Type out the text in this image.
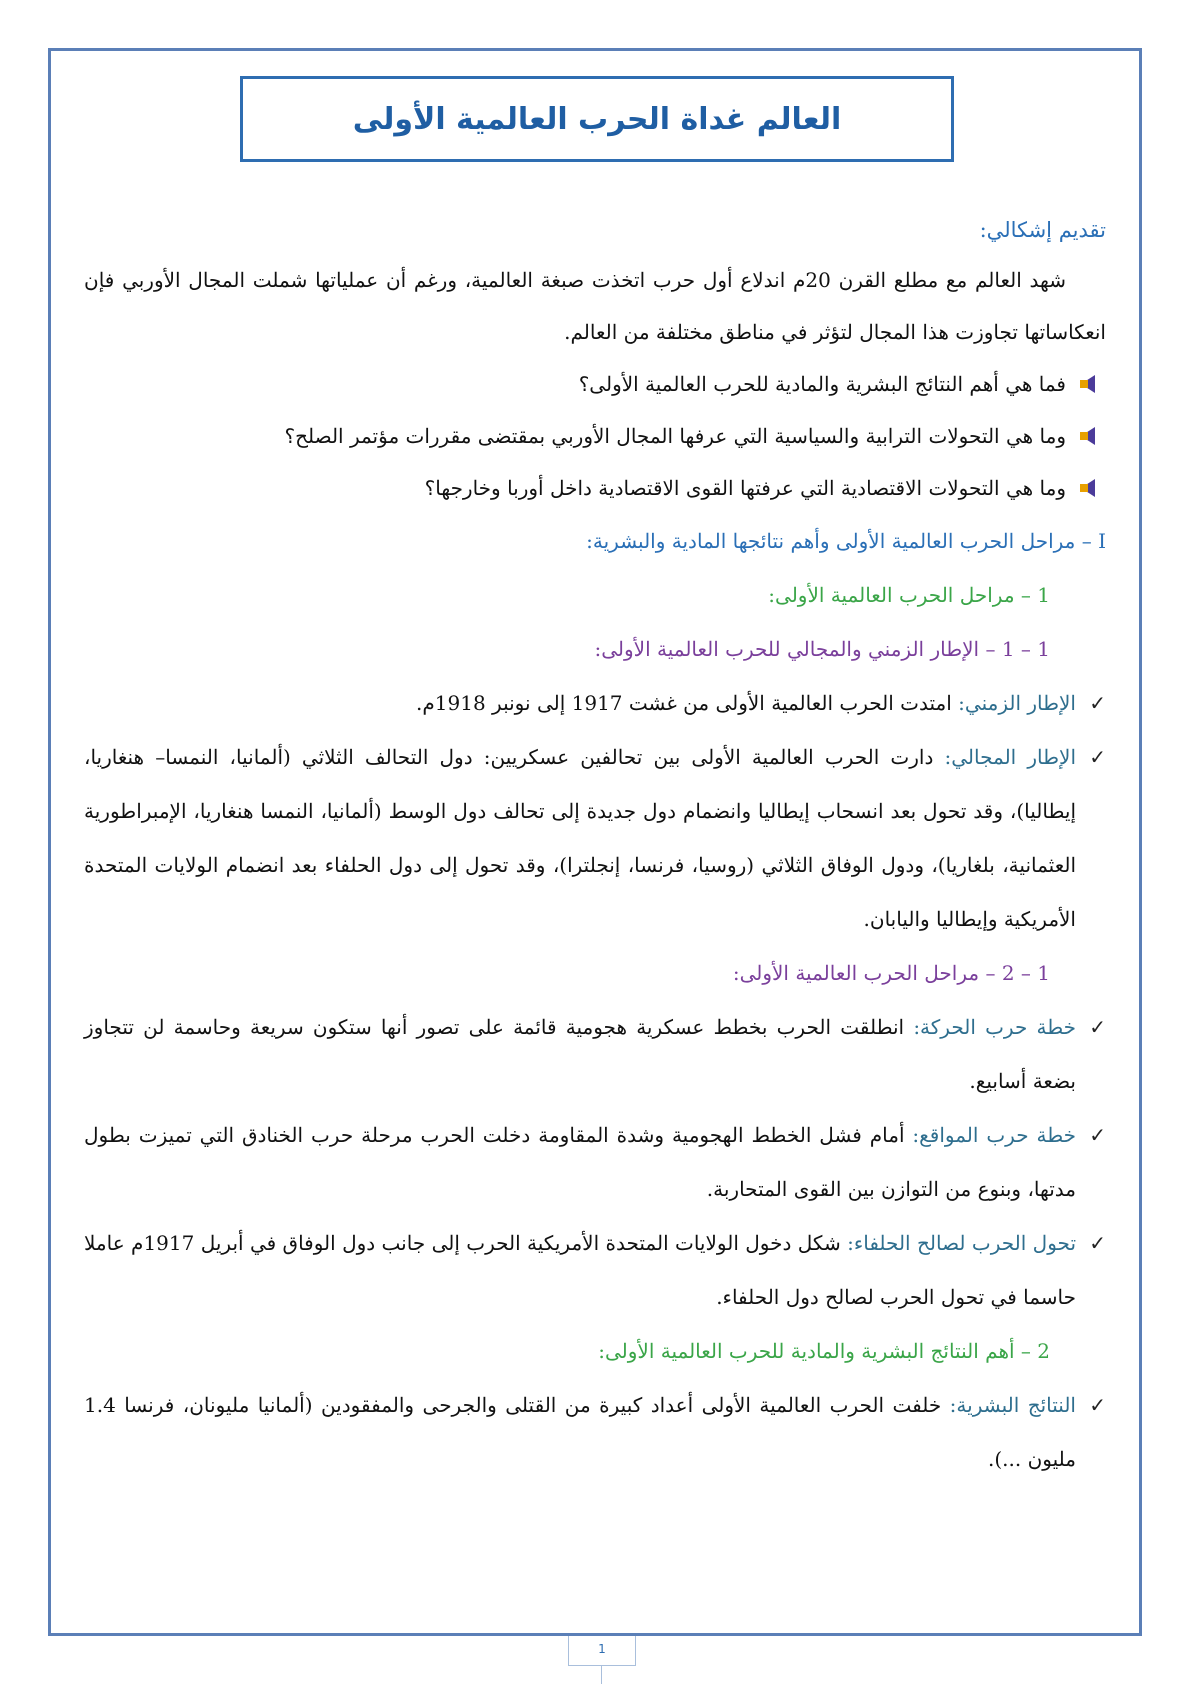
العالم غداة الحرب العالمية الأولى

تقديم إشكالي:

شهد العالم مع مطلع القرن 20م اندلاع أول حرب اتخذت صبغة العالمية، ورغم أن عملياتها شملت المجال الأوربي فإن انعكاساتها تجاوزت هذا المجال لتؤثر في مناطق مختلفة من العالم.

فما هي أهم النتائج البشرية والمادية للحرب العالمية الأولى؟
وما هي التحولات الترابية والسياسية التي عرفها المجال الأوربي بمقتضى مقررات مؤتمر الصلح؟
وما هي التحولات الاقتصادية التي عرفتها القوى الاقتصادية داخل أوربا وخارجها؟

I – مراحل الحرب العالمية الأولى وأهم نتائجها المادية والبشرية:

1 – مراحل الحرب العالمية الأولى:

1 – 1 – الإطار الزمني والمجالي للحرب العالمية الأولى:

✓
الإطار الزمني: امتدت الحرب العالمية الأولى من غشت 1917 إلى نونبر 1918م.
✓
الإطار المجالي: دارت الحرب العالمية الأولى بين تحالفين عسكريين: دول التحالف الثلاثي (ألمانيا، النمسا– هنغاريا، إيطاليا)، وقد تحول بعد انسحاب إيطاليا وانضمام دول جديدة إلى تحالف دول الوسط (ألمانيا، النمسا هنغاريا، الإمبراطورية العثمانية، بلغاريا)، ودول الوفاق الثلاثي (روسيا، فرنسا، إنجلترا)، وقد تحول إلى دول الحلفاء بعد انضمام الولايات المتحدة الأمريكية وإيطاليا واليابان.

1 – 2 – مراحل الحرب العالمية الأولى:

✓
خطة حرب الحركة: انطلقت الحرب بخطط عسكرية هجومية قائمة على تصور أنها ستكون سريعة وحاسمة لن تتجاوز بضعة أسابيع.
✓
خطة حرب المواقع: أمام فشل الخطط الهجومية وشدة المقاومة دخلت الحرب مرحلة حرب الخنادق التي تميزت بطول مدتها، وبنوع من التوازن بين القوى المتحاربة.
✓
تحول الحرب لصالح الحلفاء: شكل دخول الولايات المتحدة الأمريكية الحرب إلى جانب دول الوفاق في أبريل 1917م عاملا حاسما في تحول الحرب لصالح دول الحلفاء.

2 – أهم النتائج البشرية والمادية للحرب العالمية الأولى:

✓
النتائج البشرية: خلفت الحرب العالمية الأولى أعداد كبيرة من القتلى والجرحى والمفقودين (ألمانيا مليونان، فرنسا 1.4 مليون ...).
1
